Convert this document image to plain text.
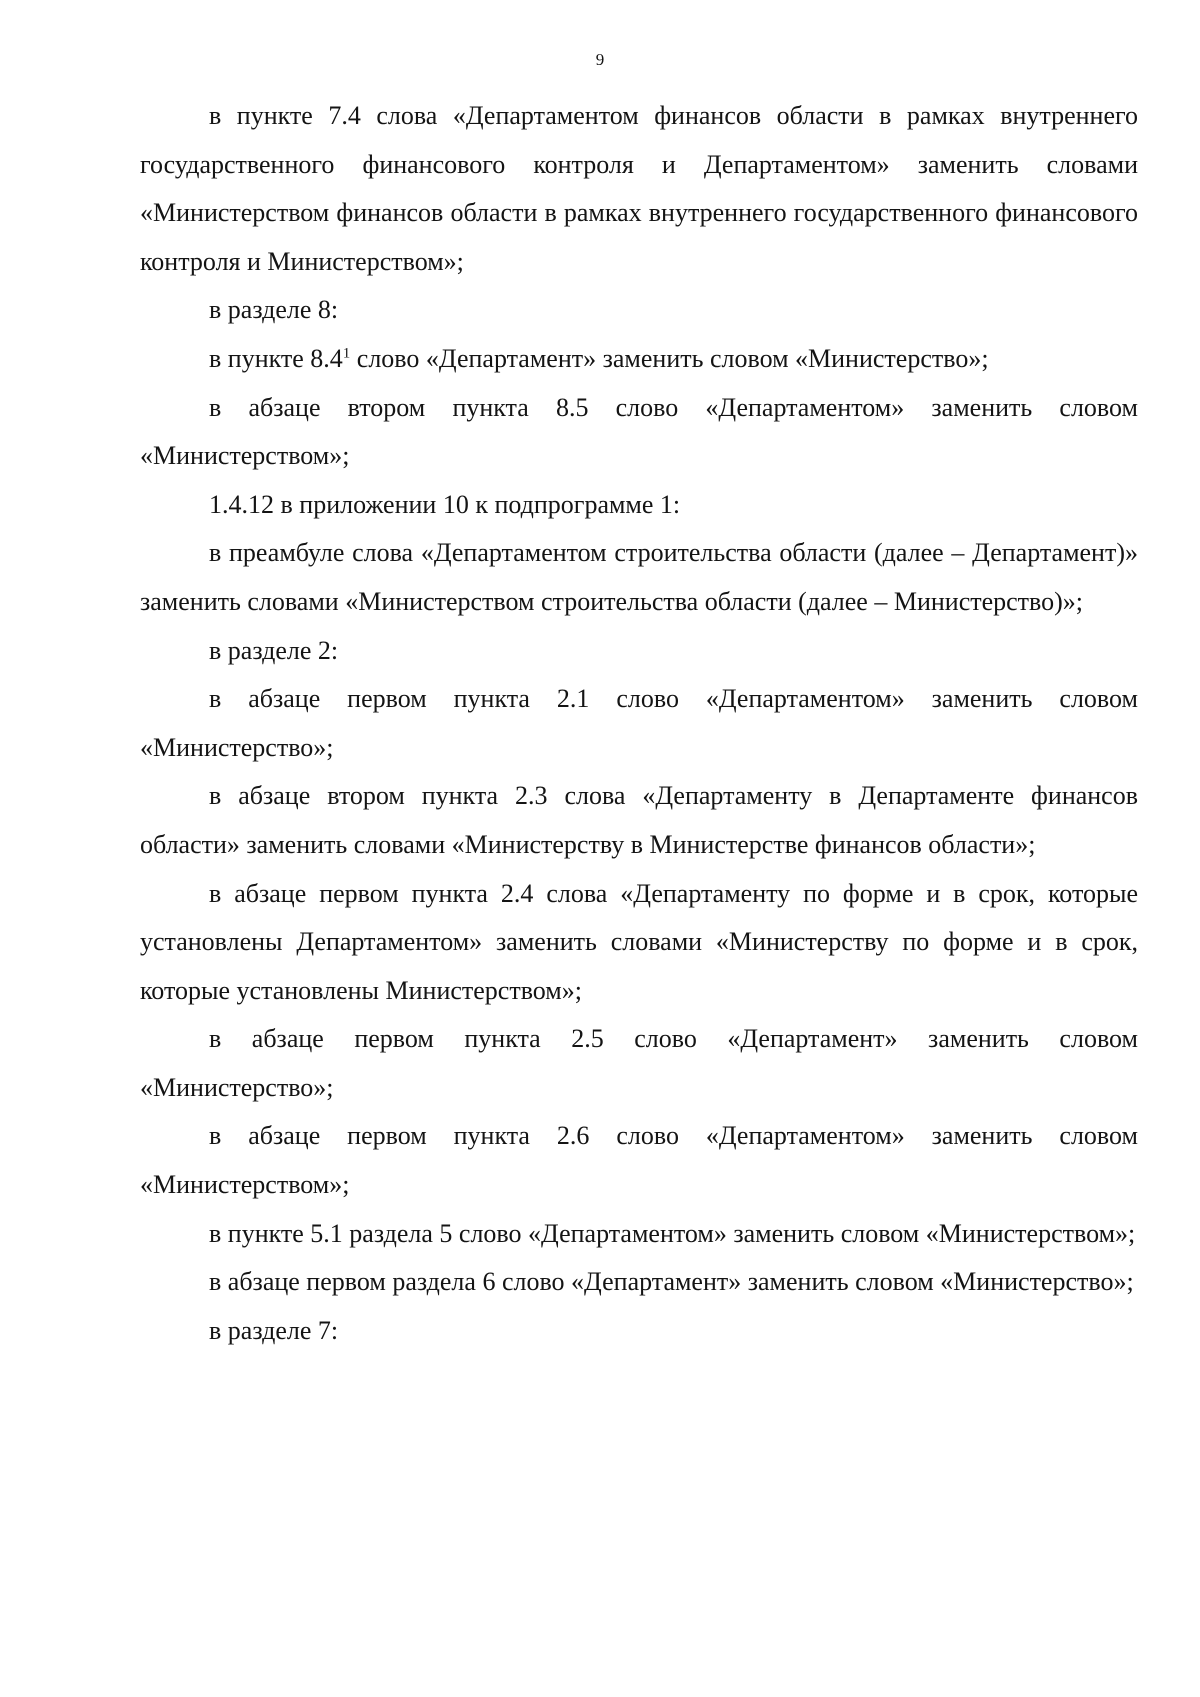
9

в пункте 7.4 слова «Департаментом финансов области в рамках внутреннего государственного финансового контроля и Департаментом» заменить словами «Министерством финансов области в рамках внутреннего государственного финансового контроля и Министерством»;

в разделе 8:

в пункте $8.4^1$ слово «Департамент» заменить словом «Министерство»;

в абзаце втором пункта 8.5 слово «Департаментом» заменить словом «Министерством»;

1.4.12 в приложении 10 к подпрограмме 1:

в преамбуле слова «Департаментом строительства области (далее – Департамент)» заменить словами «Министерством строительства области (далее – Министерство)»;

в разделе 2:

в абзаце первом пункта 2.1 слово «Департаментом» заменить словом «Министерство»;

в абзаце втором пункта 2.3 слова «Департаменту в Департаменте финансов области» заменить словами «Министерству в Министерстве финансов области»;

в абзаце первом пункта 2.4 слова «Департаменту по форме и в срок, которые установлены Департаментом» заменить словами «Министерству по форме и в срок, которые установлены Министерством»;

в абзаце первом пункта 2.5 слово «Департамент» заменить словом «Министерство»;

в абзаце первом пункта 2.6 слово «Департаментом» заменить словом «Министерством»;

в пункте 5.1 раздела 5 слово «Департаментом» заменить словом «Министерством»;

в абзаце первом раздела 6 слово «Департамент» заменить словом «Министерство»;

в разделе 7:
